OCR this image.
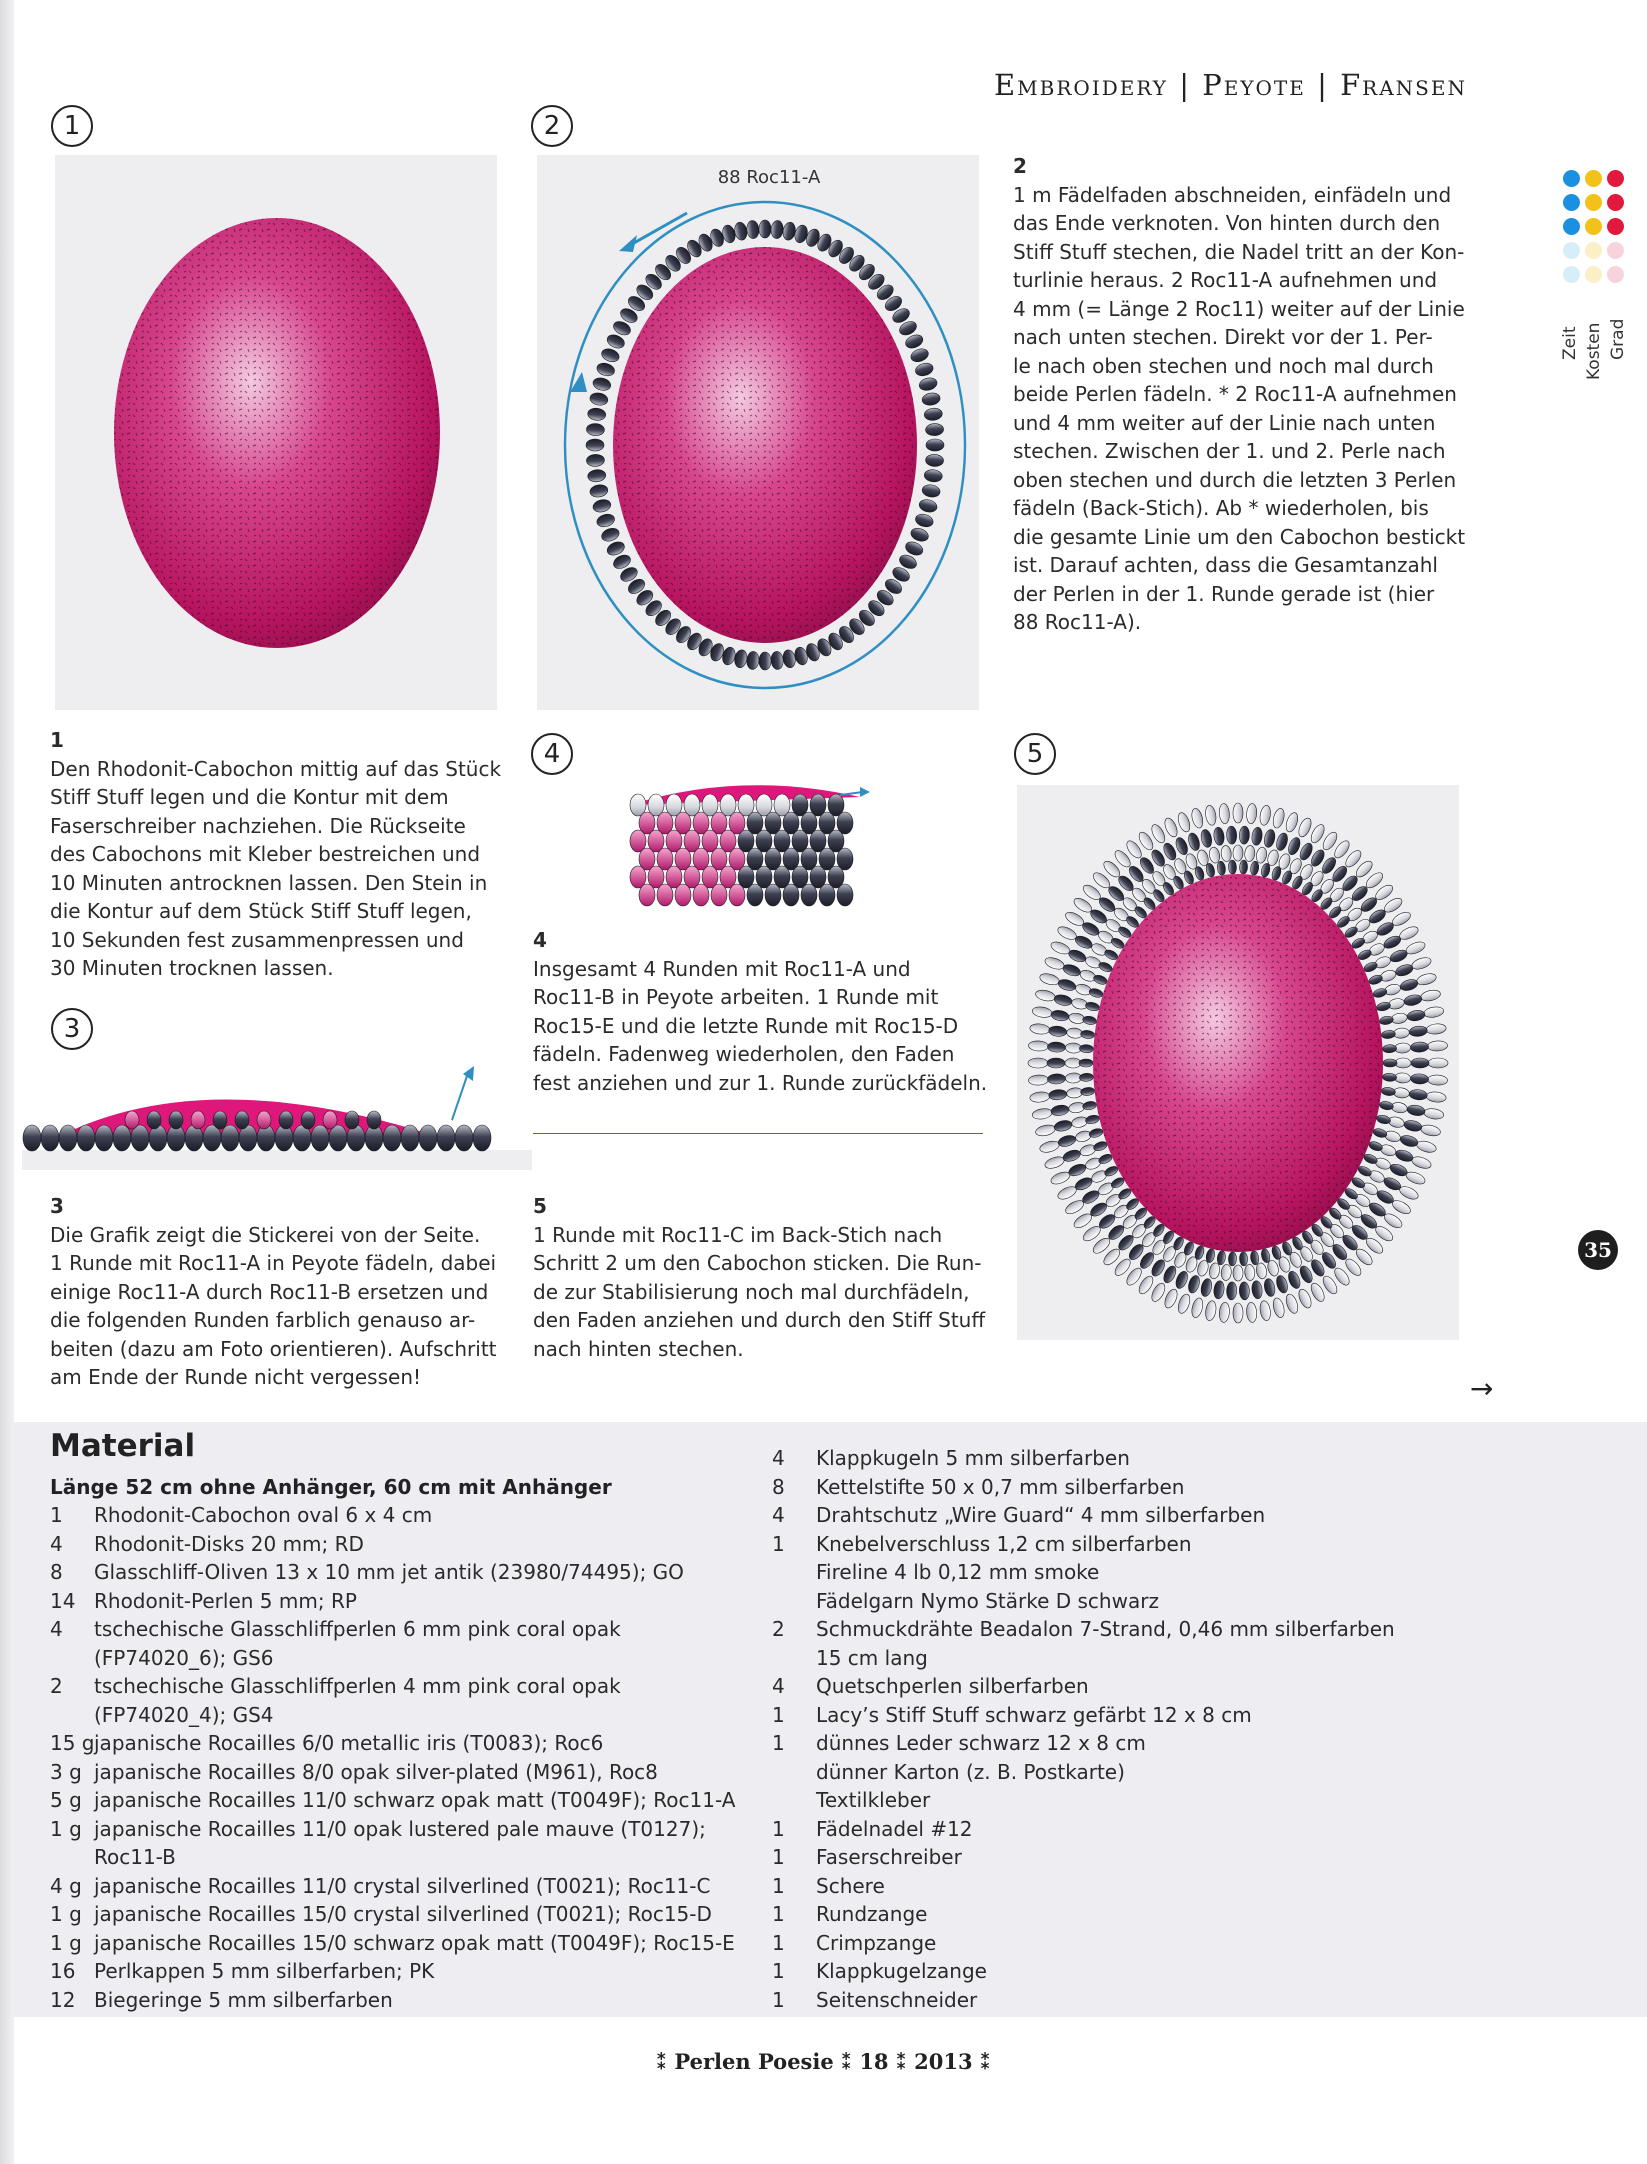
Embroidery | Peyote | Fransen
1	2
4	5
3
88 Roc11-A	2
1 m Fädelfaden abschneiden, einfädeln und
das Ende verknoten. Von hinten durch den
Stiff Stuff stechen, die Nadel tritt an der Kon-
turlinie heraus. 2 Roc11-A aufnehmen und
4 mm (= Länge 2 Roc11) weiter auf der Linie
nach unten stechen. Direkt vor der 1. Per-
le nach oben stechen und noch mal durch
beide Perlen fädeln. * 2 Roc11-A aufnehmen
und 4 mm weiter auf der Linie nach unten
stechen. Zwischen der 1. und 2. Perle nach
oben stechen und durch die letzten 3 Perlen
fädeln (Back-Stich). Ab * wiederholen, bis
die gesamte Linie um den Cabochon bestickt
ist. Darauf achten, dass die Gesamtanzahl
der Perlen in der 1. Runde gerade ist (hier
88 Roc11-A).

Zeit Kosten Grad
1
Den Rhodonit-Cabochon mittig auf das Stück
Stiff Stuff legen und die Kontur mit dem
Faserschreiber nachziehen. Die Rückseite
des Cabochons mit Kleber bestreichen und
10 Minuten antrocknen lassen. Den Stein in
die Kontur auf dem Stück Stiff Stuff legen,
10 Sekunden fest zusammenpressen und
30 Minuten trocknen lassen.
4
Insgesamt 4 Runden mit Roc11-A und
Roc11-B in Peyote arbeiten. 1 Runde mit
Roc15-E und die letzte Runde mit Roc15-D
fädeln. Fadenweg wiederholen, den Faden
fest anziehen und zur 1. Runde zurückfädeln.
3
Die Grafik zeigt die Stickerei von der Seite.
1 Runde mit Roc11-A in Peyote fädeln, dabei
einige Roc11-A durch Roc11-B ersetzen und
die folgenden Runden farblich genauso ar-
beiten (dazu am Foto orientieren). Aufschritt
am Ende der Runde nicht vergessen!
5
1 Runde mit Roc11-C im Back-Stich nach
Schritt 2 um den Cabochon sticken. Die Run-
de zur Stabilisierung noch mal durchfädeln,
den Faden anziehen und durch den Stiff Stuff
nach hinten stechen.
35
→
Material
Länge 52 cm ohne Anhänger, 60 cm mit Anhänger
1 Rhodonit-Cabochon oval 6 x 4 cm
4 Rhodonit-Disks 20 mm; RD
8 Glasschliff-Oliven 13 x 10 mm jet antik (23980/74495); GO
14 Rhodonit-Perlen 5 mm; RP
4 tschechische Glasschliffperlen 6 mm pink coral opak
(FP74020_6); GS6
2 tschechische Glasschliffperlen 4 mm pink coral opak
(FP74020_4); GS4
15 g japanische Rocailles 6/0 metallic iris (T0083); Roc6
3 g japanische Rocailles 8/0 opak silver-plated (M961), Roc8
5 g japanische Rocailles 11/0 schwarz opak matt (T0049F); Roc11-A
1 g japanische Rocailles 11/0 opak lustered pale mauve (T0127);
Roc11-B
4 g japanische Rocailles 11/0 crystal silverlined (T0021); Roc11-C
1 g japanische Rocailles 15/0 crystal silverlined (T0021); Roc15-D
1 g japanische Rocailles 15/0 schwarz opak matt (T0049F); Roc15-E
16 Perlkappen 5 mm silberfarben; PK
12 Biegeringe 5 mm silberfarben
4 Klappkugeln 5 mm silberfarben
8 Kettelstifte 50 x 0,7 mm silberfarben
4 Drahtschutz „Wire Guard“ 4 mm silberfarben
1 Knebelverschluss 1,2 cm silberfarben
Fireline 4 lb 0,12 mm smoke
Fädelgarn Nymo Stärke D schwarz
2 Schmuckdrähte Beadalon 7-Strand, 0,46 mm silberfarben
15 cm lang
4 Quetschperlen silberfarben
1 Lacy’s Stiff Stuff schwarz gefärbt 12 x 8 cm
1 dünnes Leder schwarz 12 x 8 cm
dünner Karton (z. B. Postkarte)
Textilkleber
1 Fädelnadel #12
1 Faserschreiber
1 Schere
1 Rundzange
1 Crimpzange
1 Klappkugelzange
1 Seitenschneider
⁑ Perlen Poesie ⁑ 18 ⁑ 2013 ⁑
